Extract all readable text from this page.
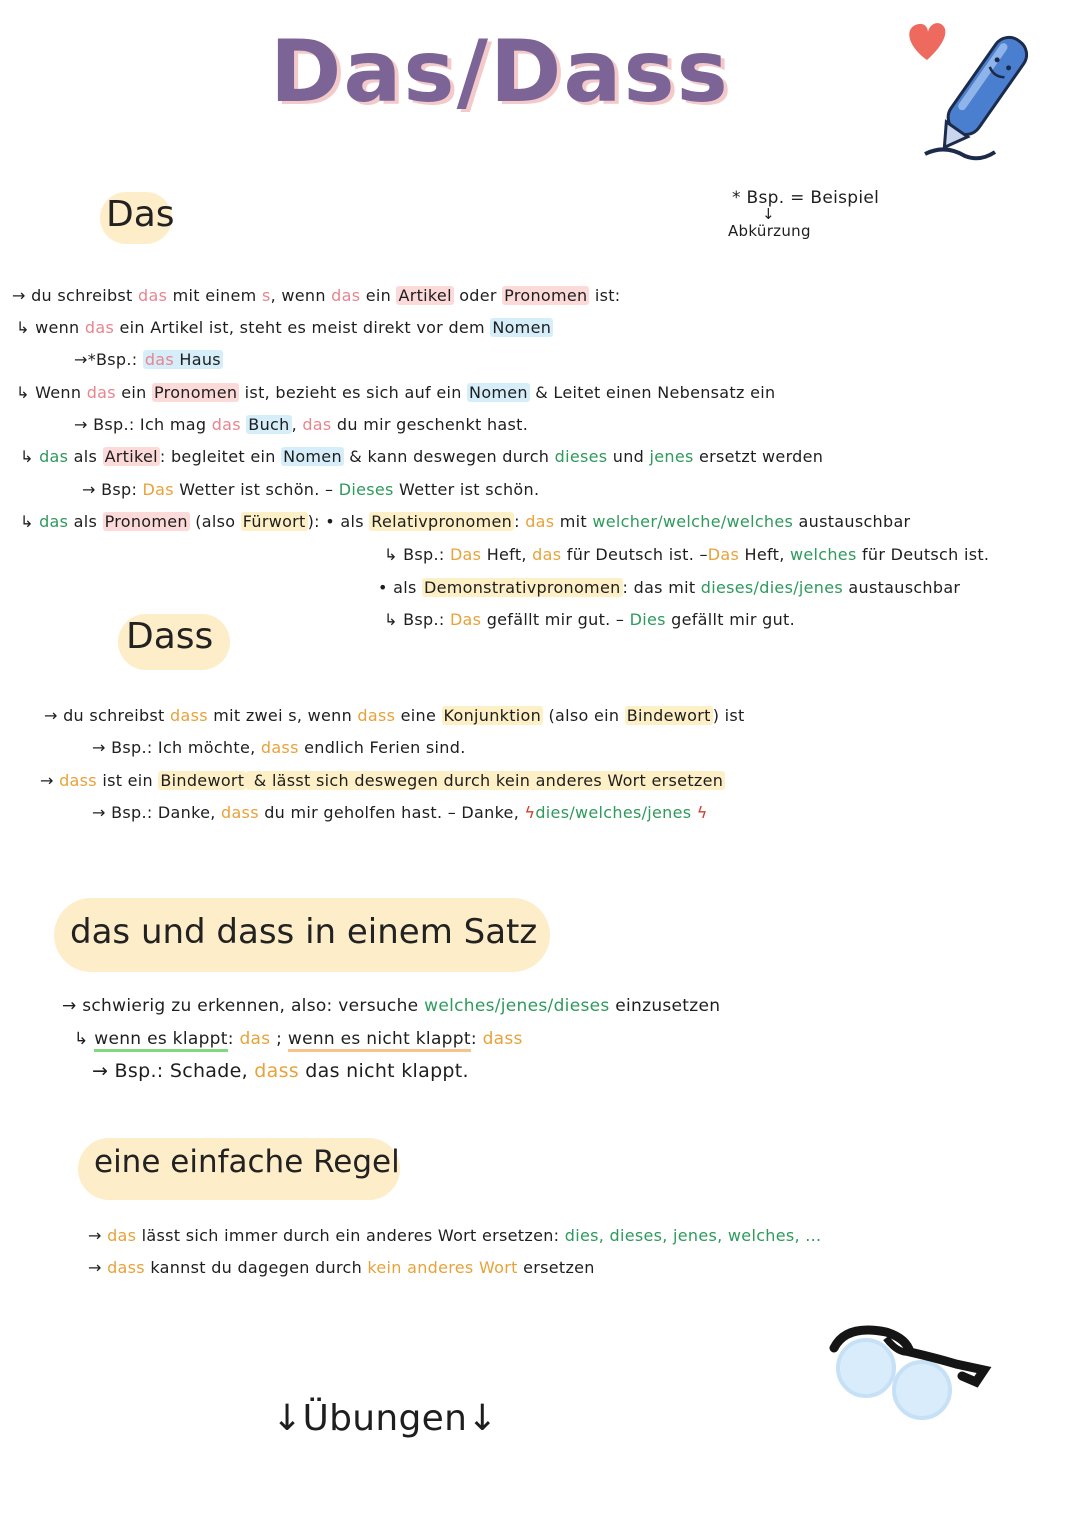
Das/Dass
* Bsp. = Beispiel
↓
Abkürzung
Das
→ du schreibst das mit einem s, wenn das ein Artikel oder Pronomen ist:
↳ wenn das ein Artikel ist, steht es meist direkt vor dem Nomen
→*Bsp.: das Haus
↳ Wenn das ein Pronomen ist, bezieht es sich auf ein Nomen & Leitet einen Nebensatz ein
→ Bsp.: Ich mag das Buch , das du mir geschenkt hast.
↳ das als Artikel : begleitet ein Nomen & kann deswegen durch dieses und jenes ersetzt werden
→ Bsp: Das Wetter ist schön. – Dieses Wetter ist schön.
↳ das als Pronomen (also Fürwort ): • als Relativpronomen : das mit welcher/welche/welches austauschbar
↳ Bsp.: Das Heft, das für Deutsch ist. –Das Heft, welches für Deutsch ist.
• als Demonstrativpronomen : das mit dieses/dies/jenes austauschbar
↳ Bsp.: Das gefällt mir gut. – Dies gefällt mir gut.
Dass
→ du schreibst dass mit zwei s, wenn dass eine Konjunktion (also ein Bindewort ) ist
→ Bsp.: Ich möchte, dass endlich Ferien sind.
→ dass ist ein Bindewort & lässt sich deswegen durch kein anderes Wort ersetzen
→ Bsp.: Danke, dass du mir geholfen hast. – Danke, ϟdies/welches/jenes ϟ
das und dass in einem Satz
→ schwierig zu erkennen, also: versuche welches/jenes/dieses einzusetzen
↳ wenn es klappt: das ; wenn es nicht klappt: dass
→ Bsp.: Schade, dass das nicht klappt.
eine einfache Regel
→ das lässt sich immer durch ein anderes Wort ersetzen: dies, dieses, jenes, welches, ...
→ dass kannst du dagegen durch kein anderes Wort ersetzen
↓Übungen↓
